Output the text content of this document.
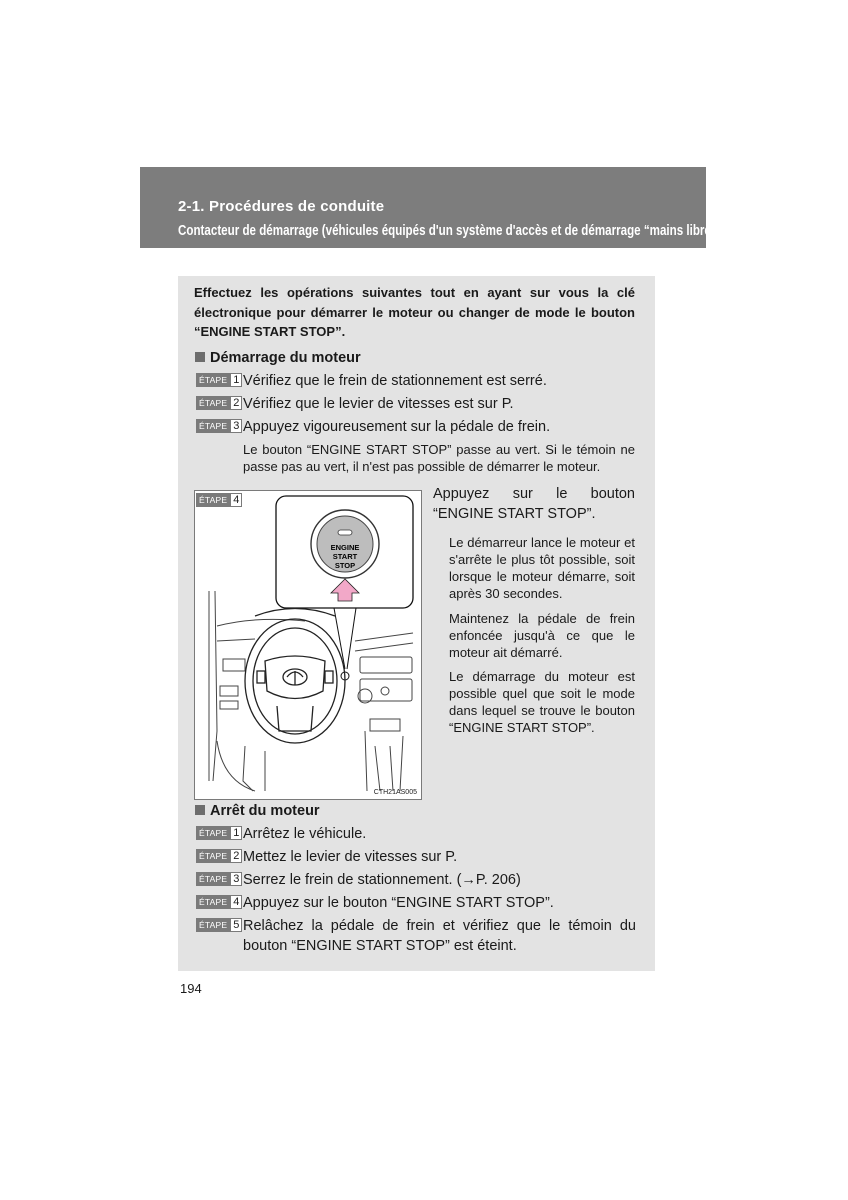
2-1. Procédures de conduite
Contacteur de démarrage (véhicules équipés d'un système d'accès et de démarrage “mains libres”)
Effectuez les opérations suivantes tout en ayant sur vous la clé électronique pour démarrer le moteur ou changer de mode le bouton “ENGINE START STOP”.
Démarrage du moteur
ÉTAPE 1 Vérifiez que le frein de stationnement est serré.
ÉTAPE 2 Vérifiez que le levier de vitesses est sur P.
ÉTAPE 3 Appuyez vigoureusement sur la pédale de frein.
Le bouton “ENGINE START STOP” passe au vert. Si le témoin ne passe pas au vert, il n'est pas possible de démarrer le moteur.
ÉTAPE 4
ENGINE
START
STOP
CTH21AS005
Appuyez sur le bouton “ENGINE START STOP”.
Le démarreur lance le moteur et s'arrête le plus tôt possible, soit lorsque le moteur démarre, soit après 30 secondes.
Maintenez la pédale de frein enfoncée jusqu'à ce que le moteur ait démarré.
Le démarrage du moteur est possible quel que soit le mode dans lequel se trouve le bouton “ENGINE START STOP”.
Arrêt du moteur
ÉTAPE 1 Arrêtez le véhicule.
ÉTAPE 2 Mettez le levier de vitesses sur P.
ÉTAPE 3 Serrez le frein de stationnement. (→P. 206)
ÉTAPE 4 Appuyez sur le bouton “ENGINE START STOP”.
ÉTAPE 5 Relâchez la pédale de frein et vérifiez que le témoin du bouton “ENGINE START STOP” est éteint.
194
